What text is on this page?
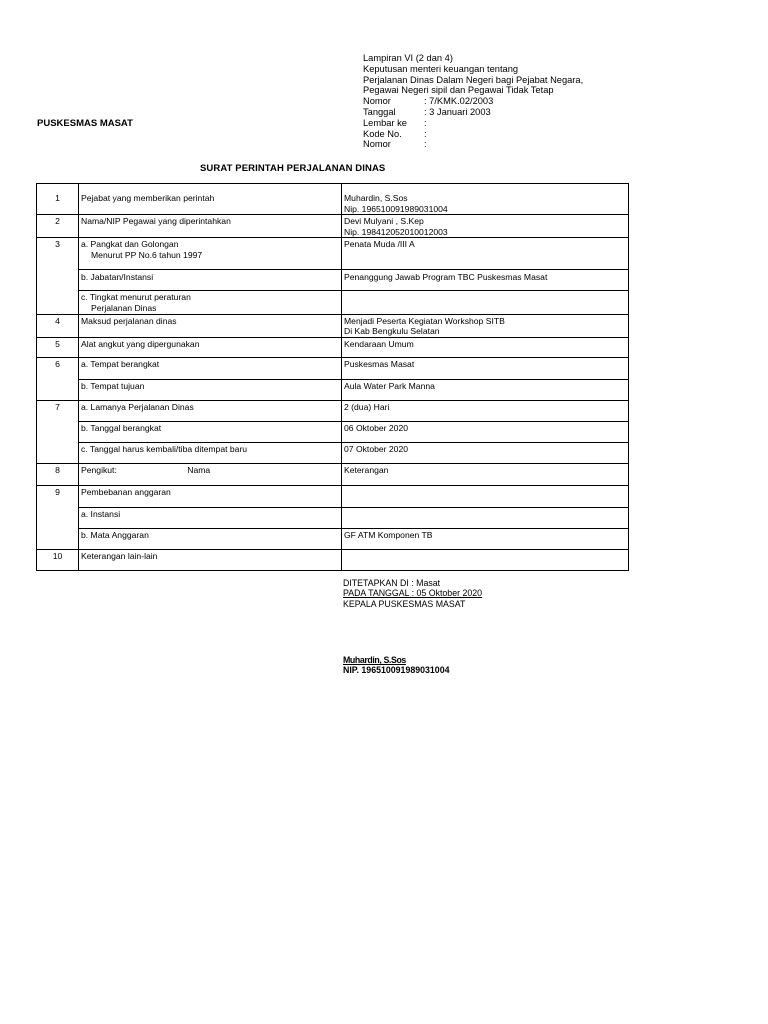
Lampiran VI (2 dan 4)
Keputusan menteri keuangan tentang
Perjalanan Dinas Dalam Negeri bagi Pejabat Negara,
Pegawai Negeri sipil dan Pegawai Tidak Tetap
Nomor	: 7/KMK.02/2003
Tanggal	: 3 Januari 2003
Lembar ke	:
Kode No.	:
Nomor	:
PUSKESMAS MASAT
SURAT PERINTAH PERJALANAN DINAS
1	Pejabat yang memberikan perintah	Muhardin, S.Sos
Nip. 196510091989031004

2	Nama/NIP Pegawai yang diperintahkan	Devi Mulyani , S.Kep
Nip. 198412052010012003

3	a. Pangkat dan Golongan
Menurut PP No.6 tahun 1997	Penata Muda /III A
	b. Jabatan/Instansi	Penanggung Jawab Program TBC Puskesmas Masat

	c. Tingkat menurut peraturan
Perjalanan Dinas	

4	Maksud perjalanan dinas	Menjadi Peserta Kegiatan Workshop SITB
Di Kab Bengkulu Selatan

5	Alat angkut yang dipergunakan	Kendaraan Umum
6	a. Tempat berangkat	Puskesmas Masat
	b. Tempat tujuan	Aula Water Park Manna
7	a. Lamanya Perjalanan Dinas	2 (dua) Hari
	b. Tanggal berangkat	06 Oktober 2020
	c. Tanggal harus kembali/tiba ditempat baru	07 Oktober 2020
8	Pengikut: Nama	Keterangan
9	Pembebanan anggaran	
	a. Instansi	
	b. Mata Anggaran	GF ATM Komponen TB
10	Keterangan lain-lain	
DITETAPKAN DI : Masat
PADA TANGGAL : 05 Oktober 2020
KEPALA PUSKESMAS MASAT
Muhardin, S.Sos
NIP. 196510091989031004
